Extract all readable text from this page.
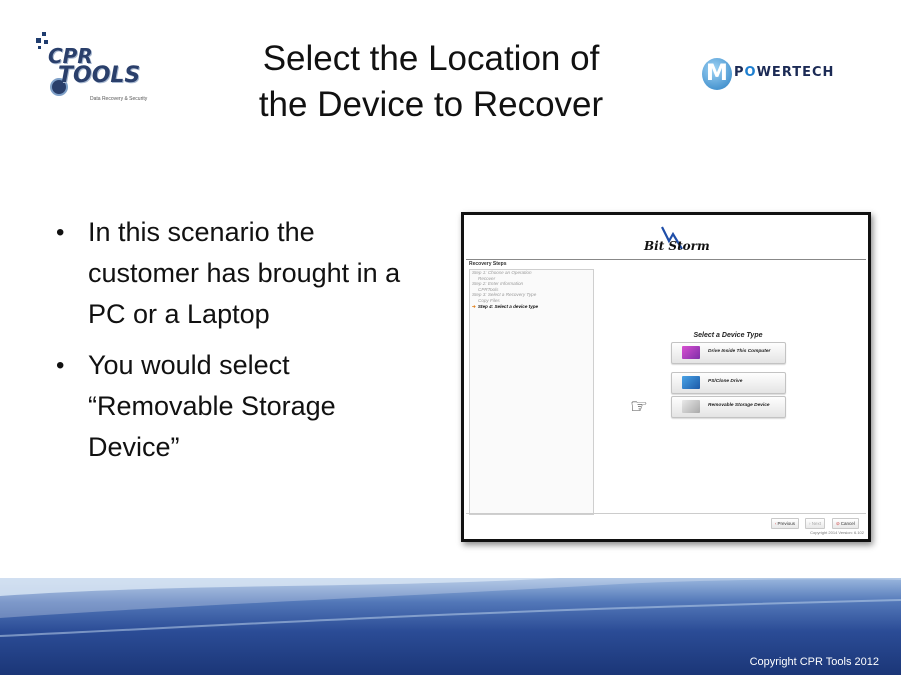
CPR
TOOLS
Data Recovery & Security
Select the Location of
the Device to Recover
M POWERTECH
• In this scenario the customer has brought in a PC or a Laptop
• You would select “Removable Storage Device”
Bit Storm
Recovery Steps
Step 1: Choose an Operation
Recover
Step 2: Enter Information
CPRTools
Step 3: Select a Recovery Type
Copy Files
➔ Step 4: Select a device type
Select a Device Type
Drive Inside This Computer
PS/Clone Drive
☞	Removable Storage Device
‹Previous	› Next	⊘Cancel
Copyright 2014 Version: 6.102
Copyright CPR Tools 2012
